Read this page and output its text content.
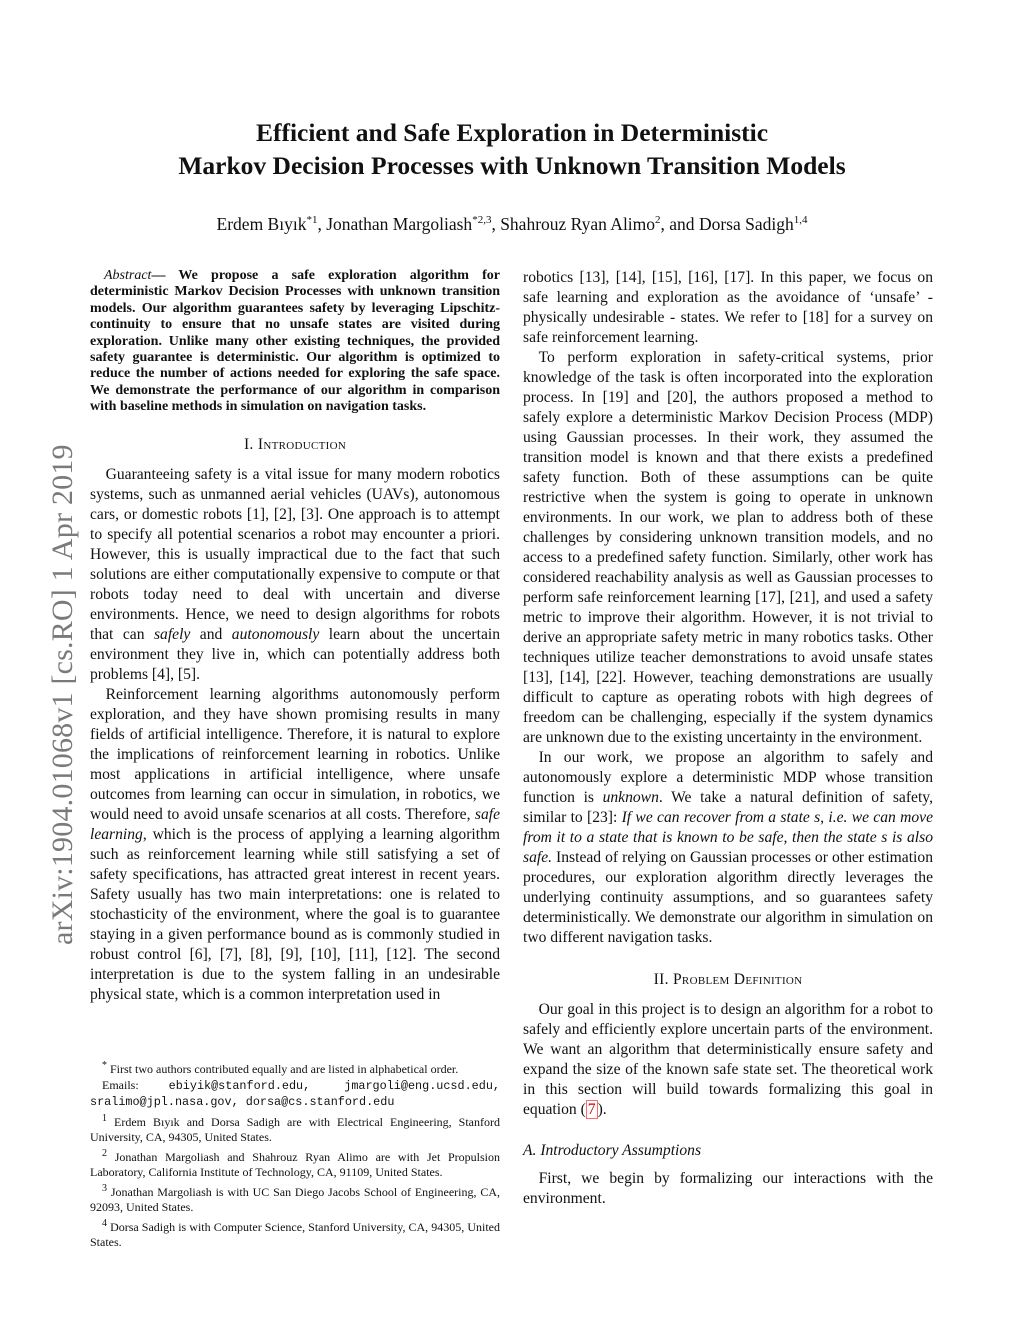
Efficient and Safe Exploration in Deterministic
Markov Decision Processes with Unknown Transition Models
Erdem Bıyık$^{*1}$, Jonathan Margoliash$^{*2,3}$, Shahrouz Ryan Alimo$^2$, and Dorsa Sadigh$^{1,4}$
arXiv:1904.01068v1 [cs.RO] 1 Apr 2019

Abstract— We propose a safe exploration algorithm for deterministic Markov Decision Processes with unknown transition models. Our algorithm guarantees safety by leveraging Lipschitz-continuity to ensure that no unsafe states are visited during exploration. Unlike many other existing techniques, the provided safety guarantee is deterministic. Our algorithm is optimized to reduce the number of actions needed for exploring the safe space. We demonstrate the performance of our algorithm in comparison with baseline methods in simulation on navigation tasks.

I. Introduction

Guaranteeing safety is a vital issue for many modern robotics systems, such as unmanned aerial vehicles (UAVs), autonomous cars, or domestic robots [1], [2], [3]. One approach is to attempt to specify all potential scenarios a robot may encounter a priori. However, this is usually impractical due to the fact that such solutions are either computationally expensive to compute or that robots today need to deal with uncertain and diverse environments. Hence, we need to design algorithms for robots that can safely and autonomously learn about the uncertain environment they live in, which can potentially address both problems [4], [5].

Reinforcement learning algorithms autonomously perform exploration, and they have shown promising results in many fields of artificial intelligence. Therefore, it is natural to explore the implications of reinforcement learning in robotics. Unlike most applications in artificial intelligence, where unsafe outcomes from learning can occur in simulation, in robotics, we would need to avoid unsafe scenarios at all costs. Therefore, safe learning, which is the process of applying a learning algorithm such as reinforcement learning while still satisfying a set of safety specifications, has attracted great interest in recent years. Safety usually has two main interpretations: one is related to stochasticity of the environment, where the goal is to guarantee staying in a given performance bound as is commonly studied in robust control [6], [7], [8], [9], [10], [11], [12]. The second interpretation is due to the system falling in an undesirable physical state, which is a common interpretation used in

* First two authors contributed equally and are listed in alphabetical order.

Emails:	ebiyik@stanford.edu, jmargoli@eng.ucsd.edu, sralimo@jpl.nasa.gov, dorsa@cs.stanford.edu

$^1$ Erdem Bıyık and Dorsa Sadigh are with Electrical Engineering, Stanford University, CA, 94305, United States.

$^2$ Jonathan Margoliash and Shahrouz Ryan Alimo are with Jet Propulsion Laboratory, California Institute of Technology, CA, 91109, United States.

$^3$ Jonathan Margoliash is with UC San Diego Jacobs School of Engineering, CA, 92093, United States.

$^4$ Dorsa Sadigh is with Computer Science, Stanford University, CA, 94305, United States.

robotics [13], [14], [15], [16], [17]. In this paper, we focus on safe learning and exploration as the avoidance of ‘unsafe’ - physically undesirable - states. We refer to [18] for a survey on safe reinforcement learning.

To perform exploration in safety-critical systems, prior knowledge of the task is often incorporated into the exploration process. In [19] and [20], the authors proposed a method to safely explore a deterministic Markov Decision Process (MDP) using Gaussian processes. In their work, they assumed the transition model is known and that there exists a predefined safety function. Both of these assumptions can be quite restrictive when the system is going to operate in unknown environments. In our work, we plan to address both of these challenges by considering unknown transition models, and no access to a predefined safety function. Similarly, other work has considered reachability analysis as well as Gaussian processes to perform safe reinforcement learning [17], [21], and used a safety metric to improve their algorithm. However, it is not trivial to derive an appropriate safety metric in many robotics tasks. Other techniques utilize teacher demonstrations to avoid unsafe states [13], [14], [22]. However, teaching demonstrations are usually difficult to capture as operating robots with high degrees of freedom can be challenging, especially if the system dynamics are unknown due to the existing uncertainty in the environment.

In our work, we propose an algorithm to safely and autonomously explore a deterministic MDP whose transition function is unknown. We take a natural definition of safety, similar to [23]: If we can recover from a state s, i.e. we can move from it to a state that is known to be safe, then the state s is also safe. Instead of relying on Gaussian processes or other estimation procedures, our exploration algorithm directly leverages the underlying continuity assumptions, and so guarantees safety deterministically. We demonstrate our algorithm in simulation on two different navigation tasks.

II. Problem Definition

Our goal in this project is to design an algorithm for a robot to safely and efficiently explore uncertain parts of the environment. We want an algorithm that deterministically ensure safety and expand the size of the known safe state set. The theoretical work in this section will build towards formalizing this goal in equation ( 7 ).

A. Introductory Assumptions

First, we begin by formalizing our interactions with the environment.
